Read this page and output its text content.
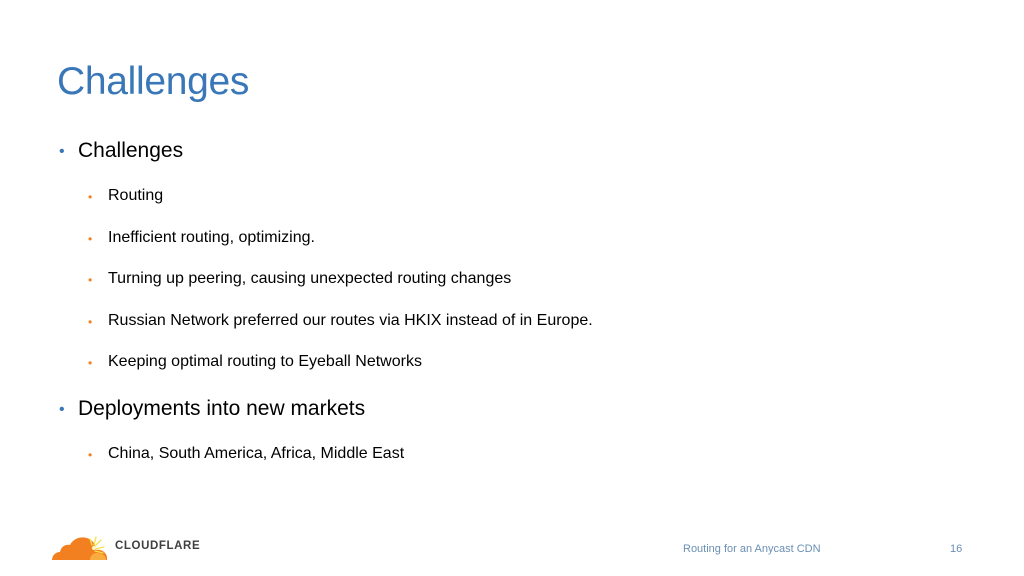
Challenges
• Challenges
• Routing
• Inefficient routing, optimizing.
• Turning up peering, causing unexpected routing changes
• Russian Network preferred our routes via HKIX instead of in Europe.
• Keeping optimal routing to Eyeball Networks
• Deployments into new markets
• China, South America, Africa, Middle East
CLOUDFLARE	Routing for an Anycast CDN	16
